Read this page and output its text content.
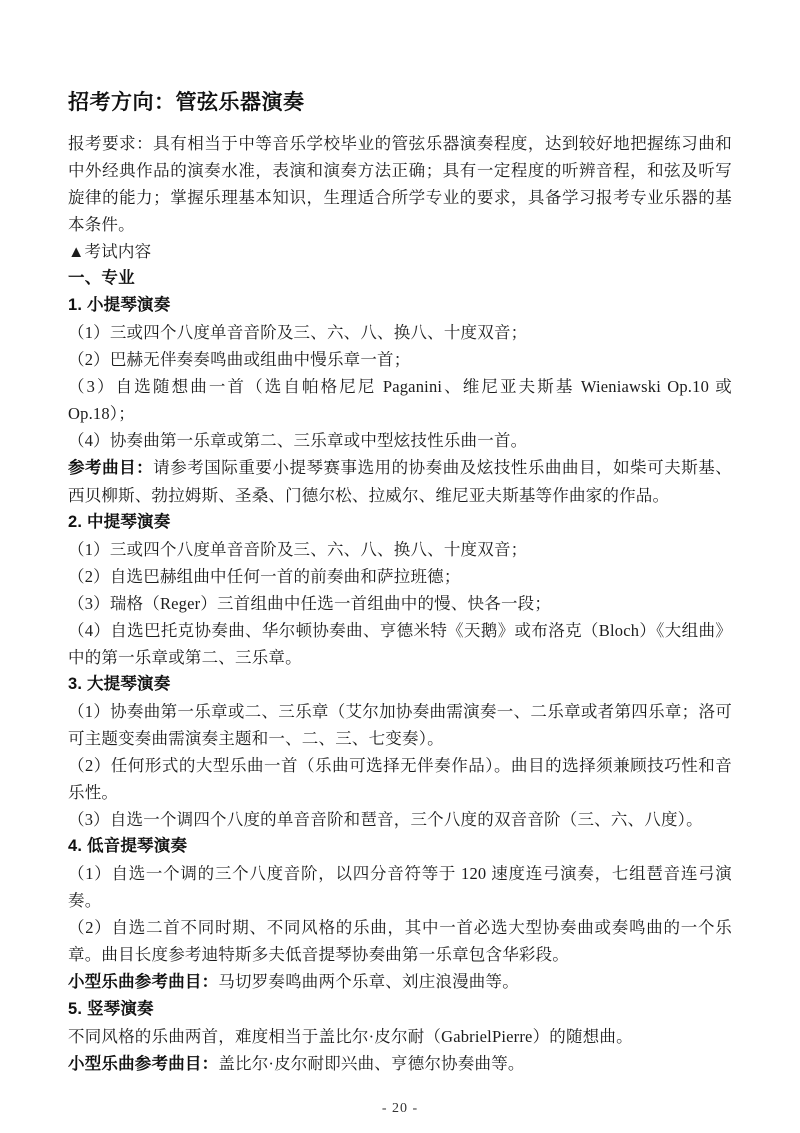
招考方向：管弦乐器演奏

报考要求：具有相当于中等音乐学校毕业的管弦乐器演奏程度，达到较好地把握练习曲和中外经典作品的演奏水准，表演和演奏方法正确；具有一定程度的听辨音程，和弦及听写旋律的能力；掌握乐理基本知识，生理适合所学专业的要求，具备学习报考专业乐器的基本条件。

▲考试内容

一、专业

1. 小提琴演奏

（1）三或四个八度单音音阶及三、六、八、换八、十度双音；

（2）巴赫无伴奏奏鸣曲或组曲中慢乐章一首；

（3）自选随想曲一首（选自帕格尼尼 Paganini、维尼亚夫斯基 Wieniawski Op.10 或 Op.18）；

（4）协奏曲第一乐章或第二、三乐章或中型炫技性乐曲一首。

参考曲目：请参考国际重要小提琴赛事选用的协奏曲及炫技性乐曲曲目，如柴可夫斯基、西贝柳斯、勃拉姆斯、圣桑、门德尔松、拉威尔、维尼亚夫斯基等作曲家的作品。

2. 中提琴演奏

（1）三或四个八度单音音阶及三、六、八、换八、十度双音；

（2）自选巴赫组曲中任何一首的前奏曲和萨拉班德；

（3）瑞格（Reger）三首组曲中任选一首组曲中的慢、快各一段；

（4）自选巴托克协奏曲、华尔顿协奏曲、亨德米特《天鹅》或布洛克（Bloch）《大组曲》中的第一乐章或第二、三乐章。

3. 大提琴演奏

（1）协奏曲第一乐章或二、三乐章（艾尔加协奏曲需演奏一、二乐章或者第四乐章；洛可可主题变奏曲需演奏主题和一、二、三、七变奏）。

（2）任何形式的大型乐曲一首（乐曲可选择无伴奏作品）。曲目的选择须兼顾技巧性和音乐性。

（3）自选一个调四个八度的单音音阶和琶音，三个八度的双音音阶（三、六、八度）。

4. 低音提琴演奏

（1）自选一个调的三个八度音阶，以四分音符等于 120 速度连弓演奏，七组琶音连弓演奏。

（2）自选二首不同时期、不同风格的乐曲，其中一首必选大型协奏曲或奏鸣曲的一个乐章。曲目长度参考迪特斯多夫低音提琴协奏曲第一乐章包含华彩段。

小型乐曲参考曲目：马切罗奏鸣曲两个乐章、刘庄浪漫曲等。

5. 竖琴演奏

不同风格的乐曲两首，难度相当于盖比尔·皮尔耐（GabrielPierre）的随想曲。

小型乐曲参考曲目：盖比尔·皮尔耐即兴曲、亨德尔协奏曲等。

- 20 -
